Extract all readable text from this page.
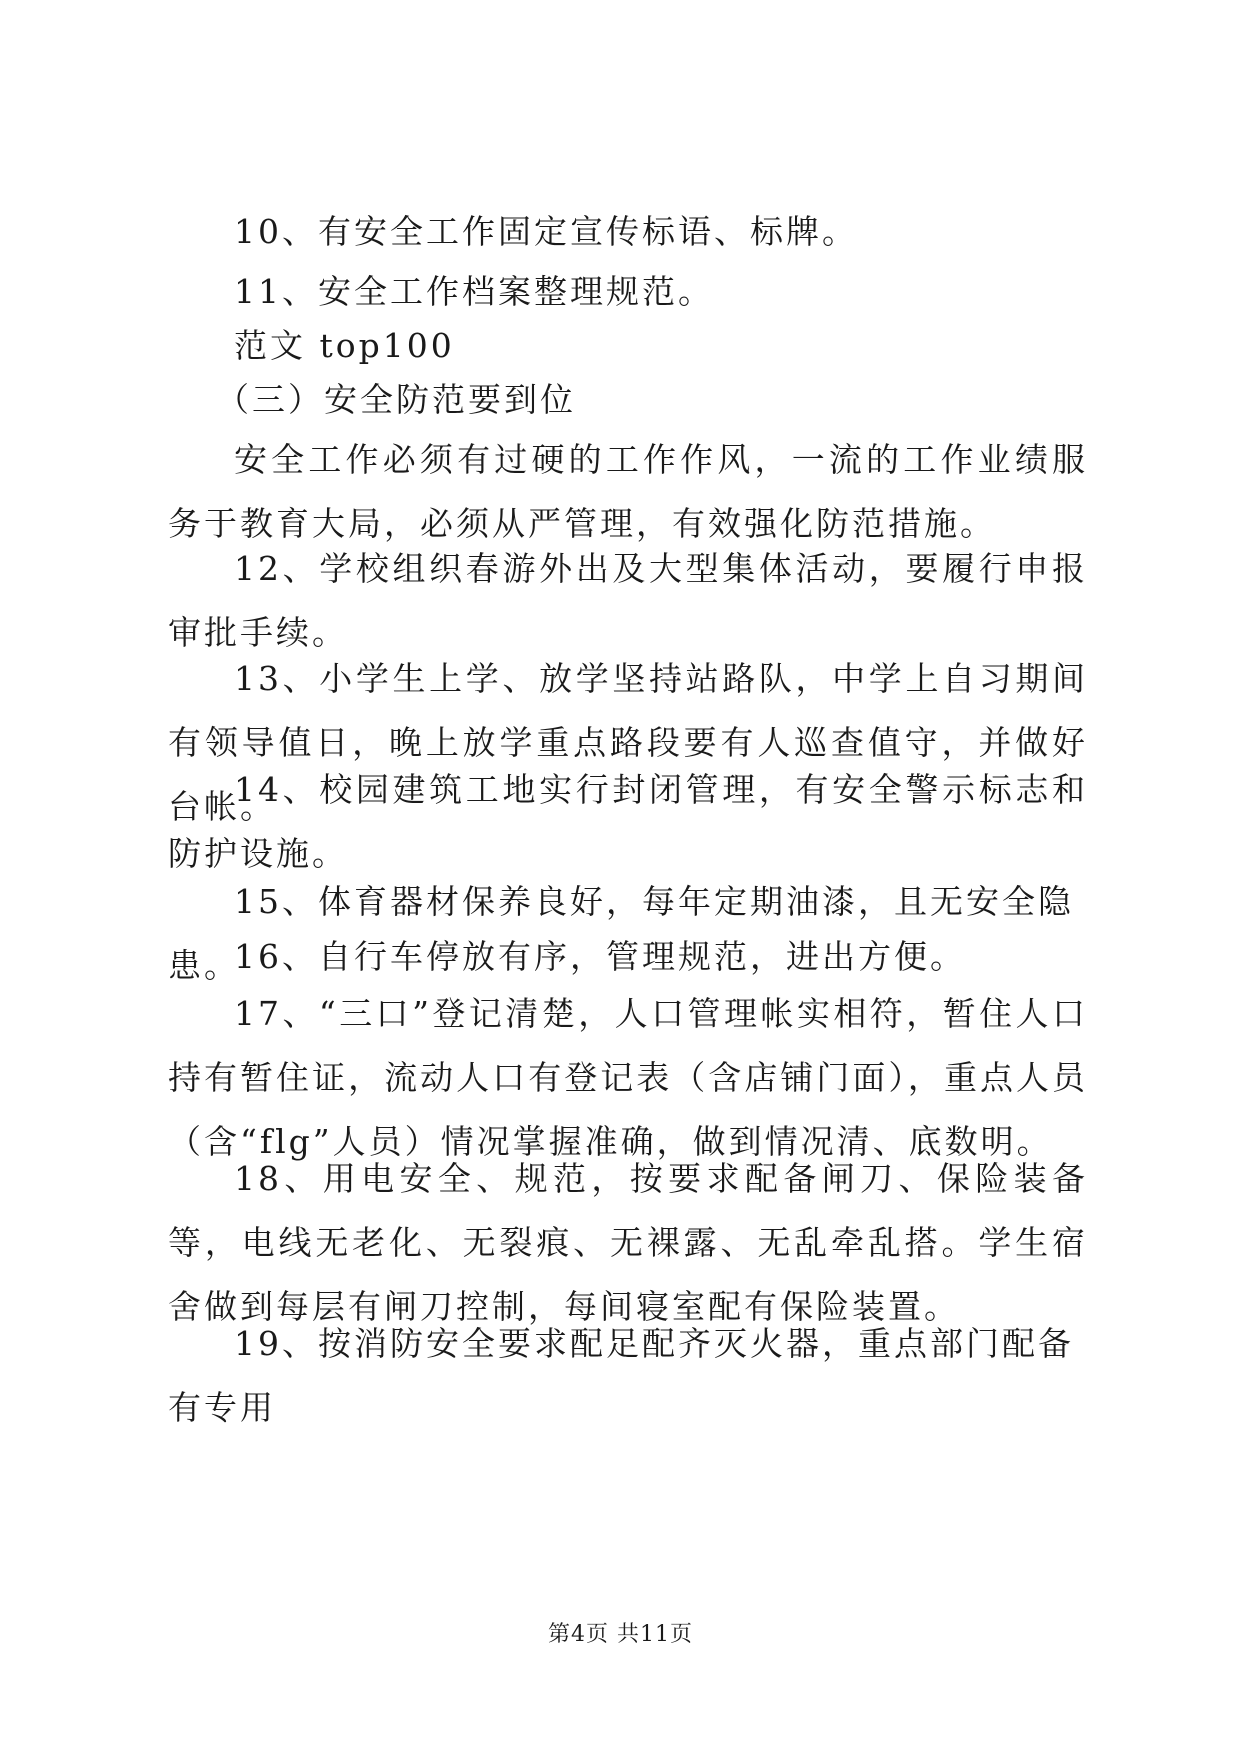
10、有安全工作固定宣传标语、标牌。

11、安全工作档案整理规范。

范文 top100

（三）安全防范要到位

安全工作必须有过硬的工作作风，一流的工作业绩服务于教育大局，必须从严管理，有效强化防范措施。

12、学校组织春游外出及大型集体活动，要履行申报审批手续。

13、小学生上学、放学坚持站路队，中学上自习期间有领导值日，晚上放学重点路段要有人巡查值守，并做好台帐。

14、校园建筑工地实行封闭管理，有安全警示标志和防护设施。

15、体育器材保养良好，每年定期油漆，且无安全隐患。

16、自行车停放有序，管理规范，进出方便。

17、“三口”登记清楚，人口管理帐实相符，暂住人口持有暂住证，流动人口有登记表（含店铺门面），重点人员（含“flg”人员）情况掌握准确，做到情况清、底数明。

18、用电安全、规范，按要求配备闸刀、保险装备等，电线无老化、无裂痕、无裸露、无乱牵乱搭。学生宿舍做到每层有闸刀控制，每间寝室配有保险装置。

19、按消防安全要求配足配齐灭火器，重点部门配备有专用

第4页 共11页
